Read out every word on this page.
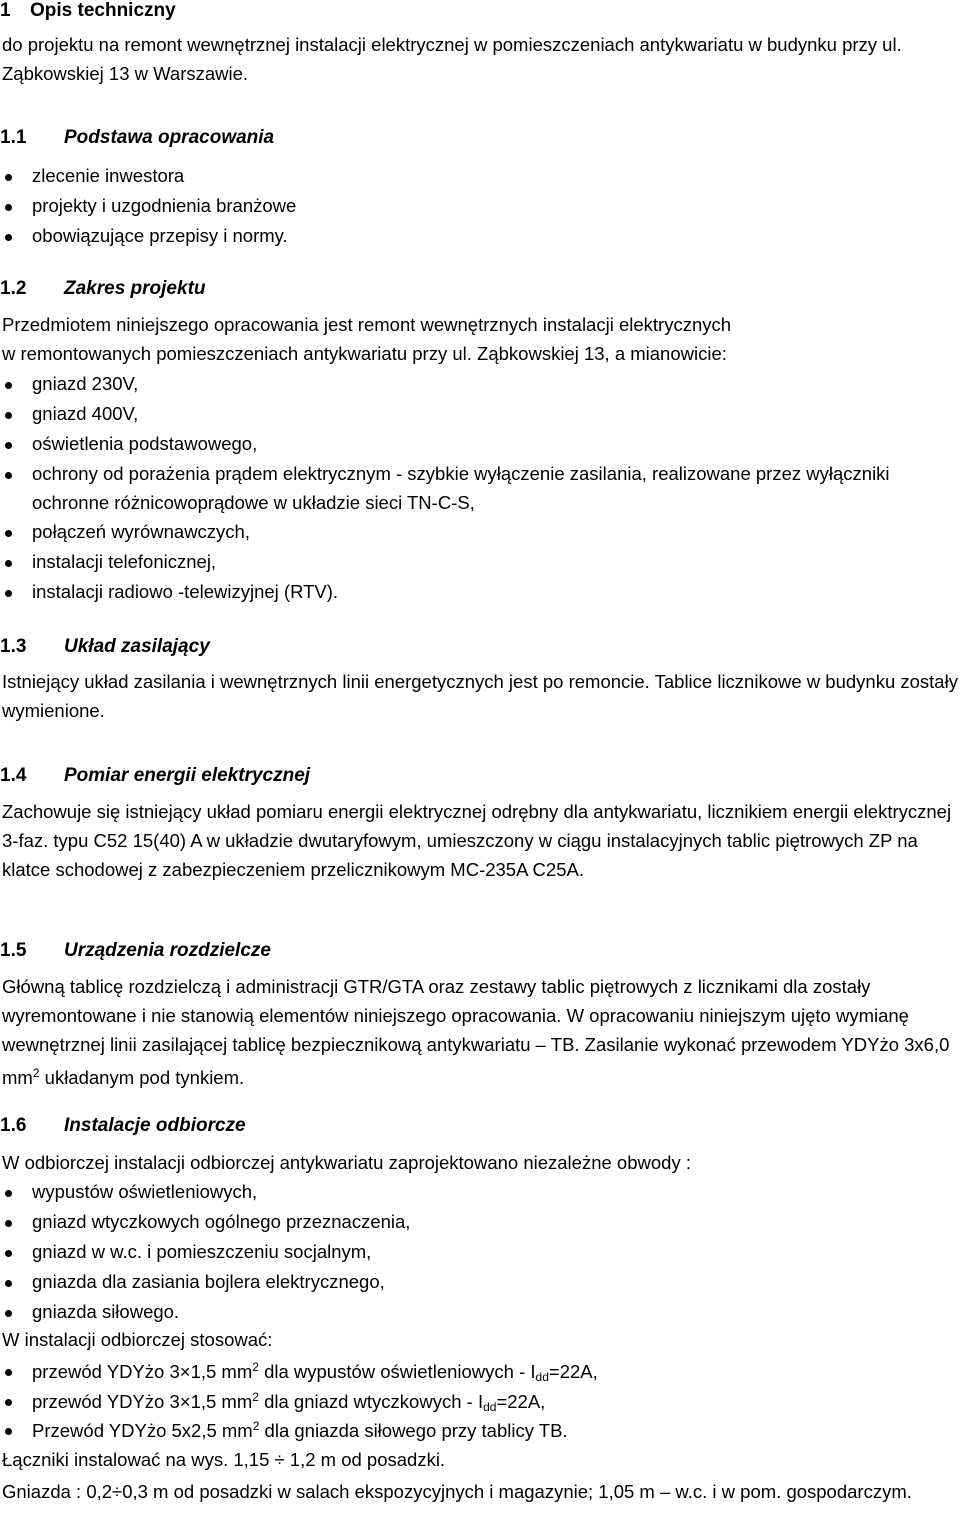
1 Opis techniczny
do projektu na remont wewnętrznej instalacji elektrycznej w pomieszczeniach antykwariatu w budynku przy ul. Ząbkowskiej 13 w Warszawie.
1.1 Podstawa opracowania
zlecenie inwestora
projekty i uzgodnienia branżowe
obowiązujące przepisy i normy.
1.2 Zakres projektu
Przedmiotem niniejszego opracowania jest remont wewnętrznych instalacji elektrycznych
w remontowanych pomieszczeniach antykwariatu przy ul. Ząbkowskiej 13, a mianowicie:
gniazd 230V,
gniazd 400V,
oświetlenia podstawowego,
ochrony od porażenia prądem elektrycznym - szybkie wyłączenie zasilania, realizowane przez wyłączniki ochronne różnicowoprądowe w układzie sieci TN-C-S,
połączeń wyrównawczych,
instalacji telefonicznej,
instalacji radiowo -telewizyjnej (RTV).
1.3 Układ zasilający
Istniejący układ zasilania i wewnętrznych linii energetycznych jest po remoncie. Tablice licznikowe w budynku zostały wymienione.
1.4 Pomiar energii elektrycznej
Zachowuje się istniejący układ pomiaru energii elektrycznej odrębny dla antykwariatu, licznikiem energii elektrycznej 3-faz. typu C52 15(40) A w układzie dwutaryfowym, umieszczony w ciągu instalacyjnych tablic piętrowych ZP na klatce schodowej z zabezpieczeniem przelicznikowym MC-235A C25A.
1.5 Urządzenia rozdzielcze
Główną tablicę rozdzielczą i administracji GTR/GTA oraz zestawy tablic piętrowych z licznikami dla zostały wyremontowane i nie stanowią elementów niniejszego opracowania. W opracowaniu niniejszym ujęto wymianę wewnętrznej linii zasilającej tablicę bezpiecznikową antykwariatu – TB. Zasilanie wykonać przewodem YDYżo 3x6,0 $mm^2$ układanym pod tynkiem.
1.6 Instalacje odbiorcze
W odbiorczej instalacji odbiorczej antykwariatu zaprojektowano niezależne obwody :
wypustów oświetleniowych,
gniazd wtyczkowych ogólnego przeznaczenia,
gniazd w w.c. i pomieszczeniu socjalnym,
gniazda dla zasiania bojlera elektrycznego,
gniazda siłowego.
W instalacji odbiorczej stosować:
przewód YDYżo 3×1,5 $mm^2$ dla wypustów oświetleniowych - $I_{dd}=22A$,
przewód YDYżo 3×1,5 $mm^2$ dla gniazd wtyczkowych - $I_{dd}=22A$,
Przewód YDYżo 5x2,5 $mm^2$ dla gniazda siłowego przy tablicy TB.
Łączniki instalować na wys. 1,15 ÷ 1,2 m od posadzki.
Gniazda : 0,2÷0,3 m od posadzki w salach ekspozycyjnych i magazynie; 1,05 m – w.c. i w pom. gospodarczym.
